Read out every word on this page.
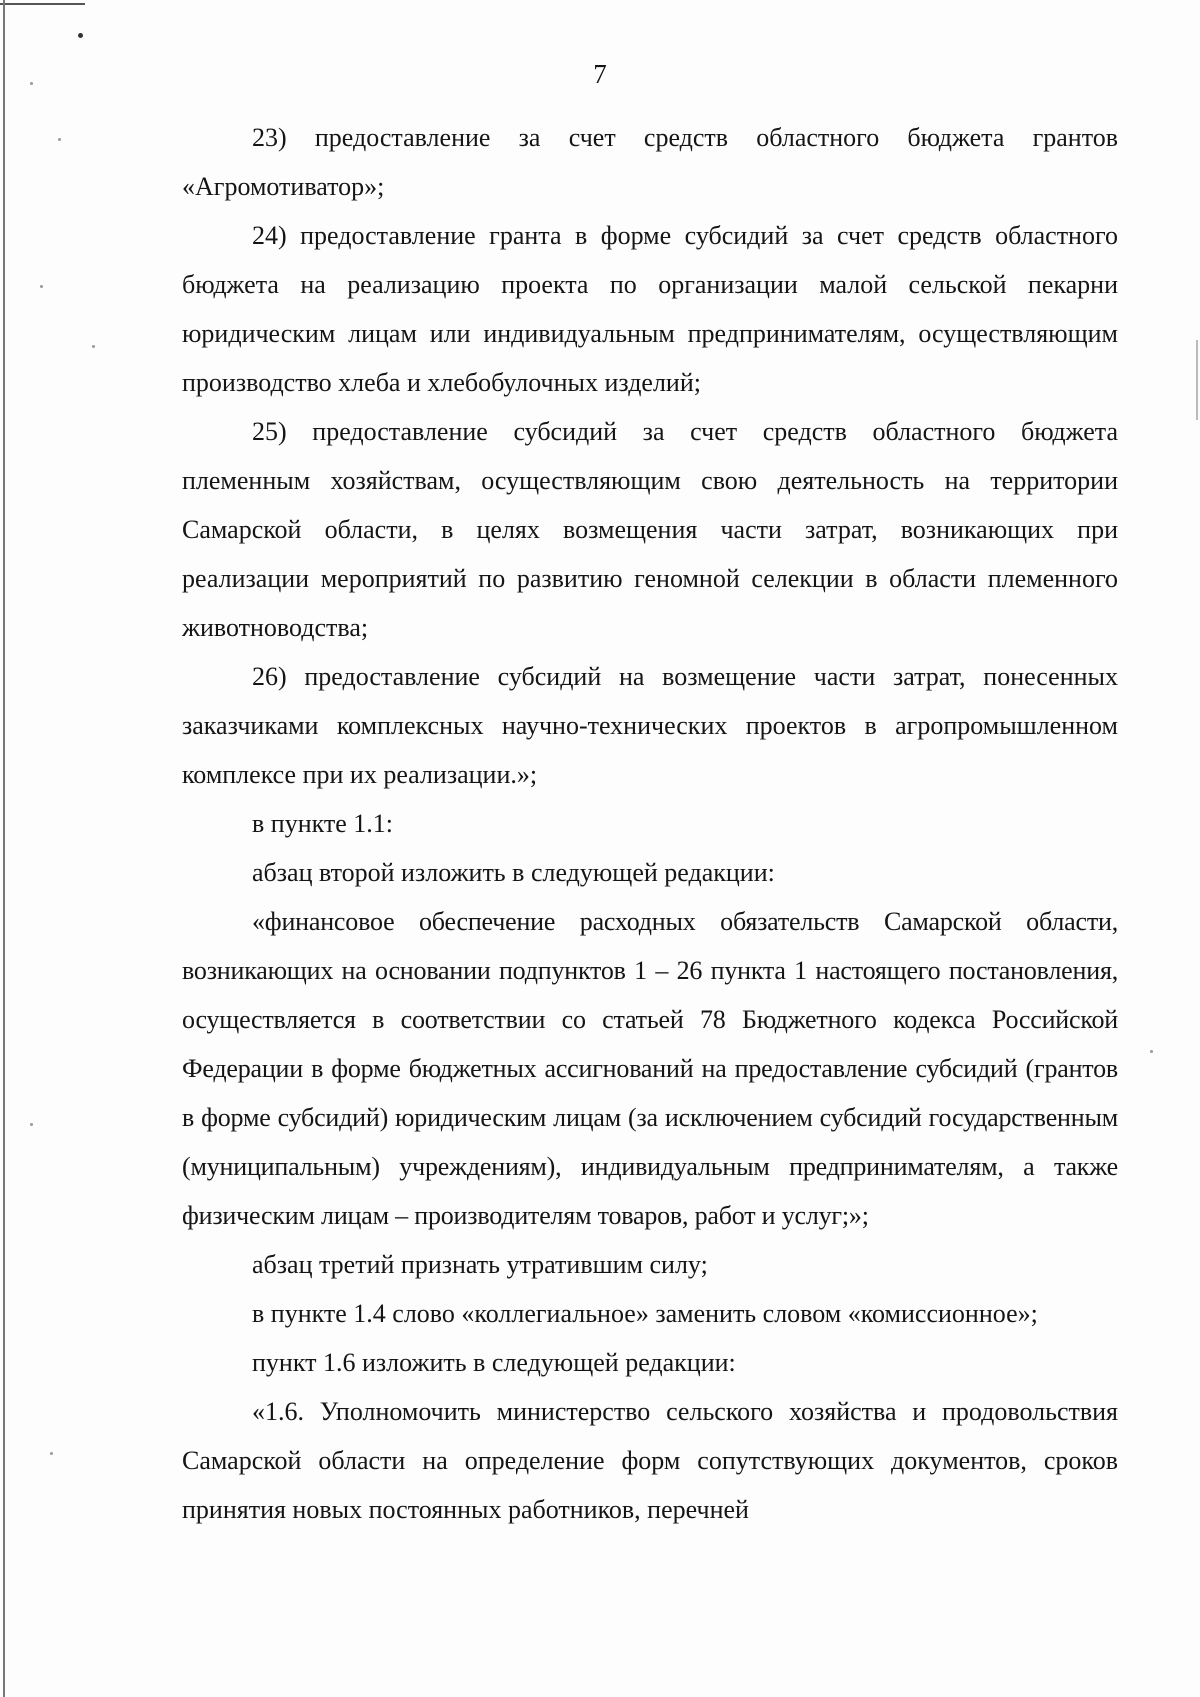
7

23) предоставление за счет средств областного бюджета грантов «Агромотиватор»;

24) предоставление гранта в форме субсидий за счет средств областного бюджета на реализацию проекта по организации малой сельской пекарни юридическим лицам или индивидуальным предпринимателям, осуществляющим производство хлеба и хлебобулочных изделий;

25) предоставление субсидий за счет средств областного бюджета племенным хозяйствам, осуществляющим свою деятельность на территории Самарской области, в целях возмещения части затрат, возникающих при реализации мероприятий по развитию геномной селекции в области племенного животноводства;

26) предоставление субсидий на возмещение части затрат, понесенных заказчиками комплексных научно-технических проектов в агропромышленном комплексе при их реализации.»;

в пункте 1.1:

абзац второй изложить в следующей редакции:

«финансовое обеспечение расходных обязательств Самарской области, возникающих на основании подпунктов 1 – 26 пункта 1 настоящего постановления, осуществляется в соответствии со статьей 78 Бюджетного кодекса Российской Федерации в форме бюджетных ассигнований на предоставление субсидий (грантов в форме субсидий) юридическим лицам (за исключением субсидий государственным (муниципальным) учреждениям), индивидуальным предпринимателям, а также физическим лицам – производителям товаров, работ и услуг;»;

абзац третий признать утратившим силу;

в пункте 1.4 слово «коллегиальное» заменить словом «комиссионное»;

пункт 1.6 изложить в следующей редакции:

«1.6. Уполномочить министерство сельского хозяйства и продовольствия Самарской области на определение форм сопутствующих документов, сроков принятия новых постоянных работников, перечней
